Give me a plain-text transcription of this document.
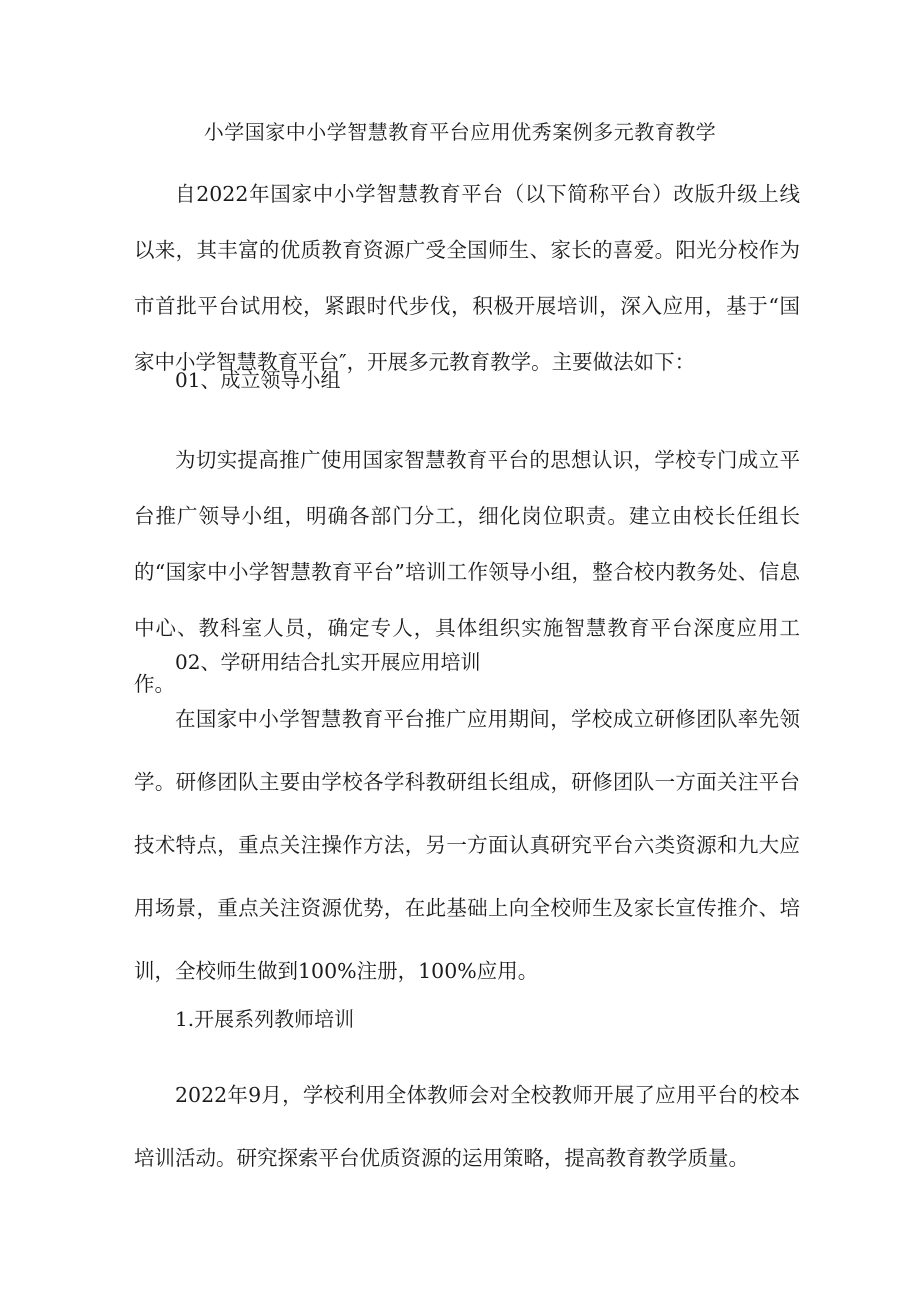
小学国家中小学智慧教育平台应用优秀案例多元教育教学

自2022年国家中小学智慧教育平台（以下简称平台）改版升级上线以来，其丰富的优质教育资源广受全国师生、家长的喜爱。阳光分校作为市首批平台试用校，紧跟时代步伐，积极开展培训，深入应用，基于“国家中小学智慧教育平台″，开展多元教育教学。主要做法如下：

01、成立领导小组

为切实提高推广使用国家智慧教育平台的思想认识，学校专门成立平台推广领导小组，明确各部门分工，细化岗位职责。建立由校长任组长的“国家中小学智慧教育平台”培训工作领导小组，整合校内教务处、信息中心、教科室人员，确定专人，具体组织实施智慧教育平台深度应用工作。

02、学研用结合扎实开展应用培训

在国家中小学智慧教育平台推广应用期间，学校成立研修团队率先领学。研修团队主要由学校各学科教研组长组成，研修团队一方面关注平台技术特点，重点关注操作方法，另一方面认真研究平台六类资源和九大应用场景，重点关注资源优势，在此基础上向全校师生及家长宣传推介、培训，全校师生做到100%注册，100%应用。

1.开展系列教师培训

2022年9月，学校利用全体教师会对全校教师开展了应用平台的校本培训活动。研究探索平台优质资源的运用策略，提高教育教学质量。
